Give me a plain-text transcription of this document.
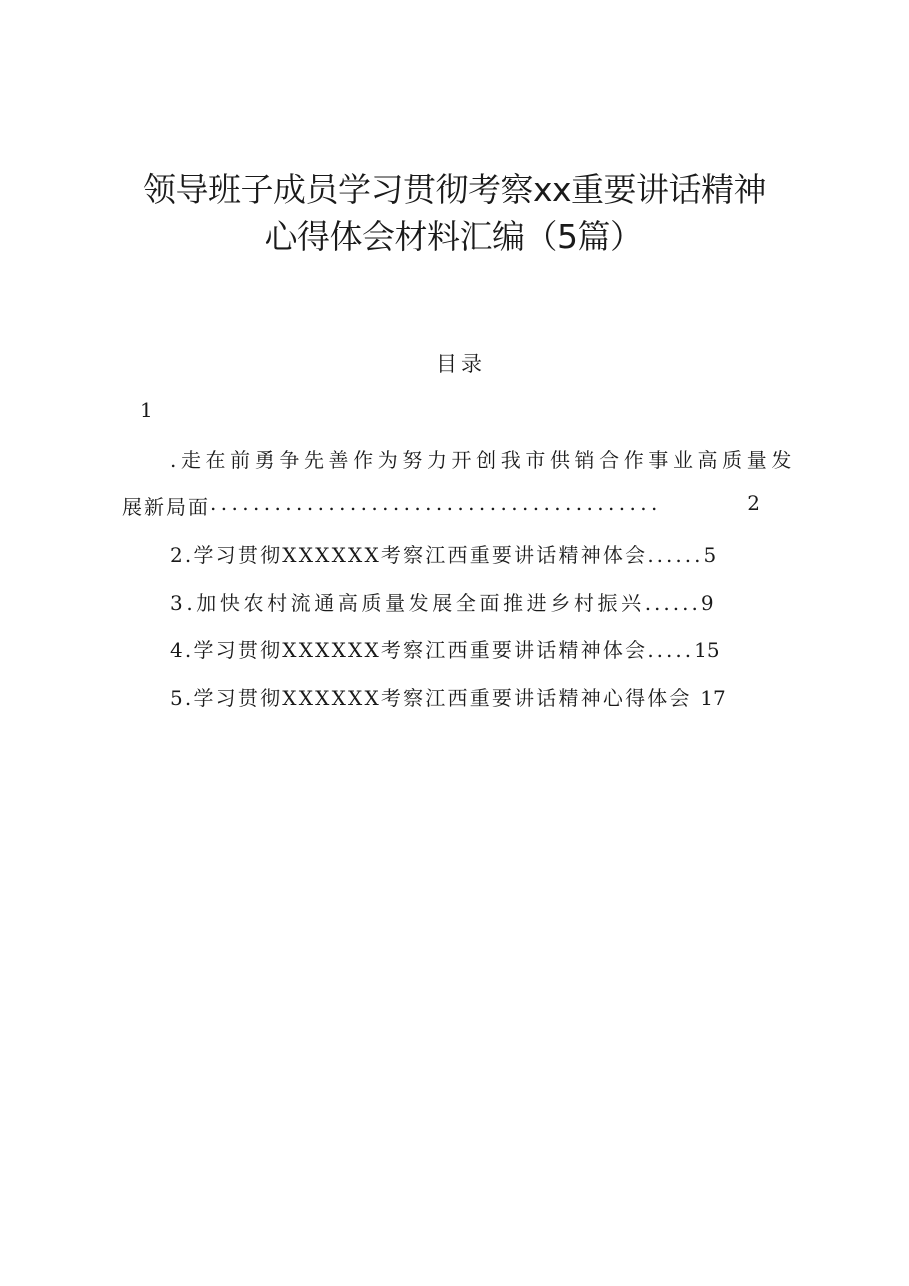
领导班子成员学习贯彻考察xx重要讲话精神
心得体会材料汇编（5篇）
目录
1
.走在前勇争先善作为努力开创我市供销合作事业高质量发
展新局面 ..........................................	2
2.学习贯彻XXXXXX考察江西重要讲话精神体会 ...... 5
3.加快农村流通高质量发展全面推进乡村振兴 ...... 9
4.学习贯彻XXXXXX考察江西重要讲话精神体会 ..... 15
5.学习贯彻XXXXXX考察江西重要讲话精神心得体会
17
